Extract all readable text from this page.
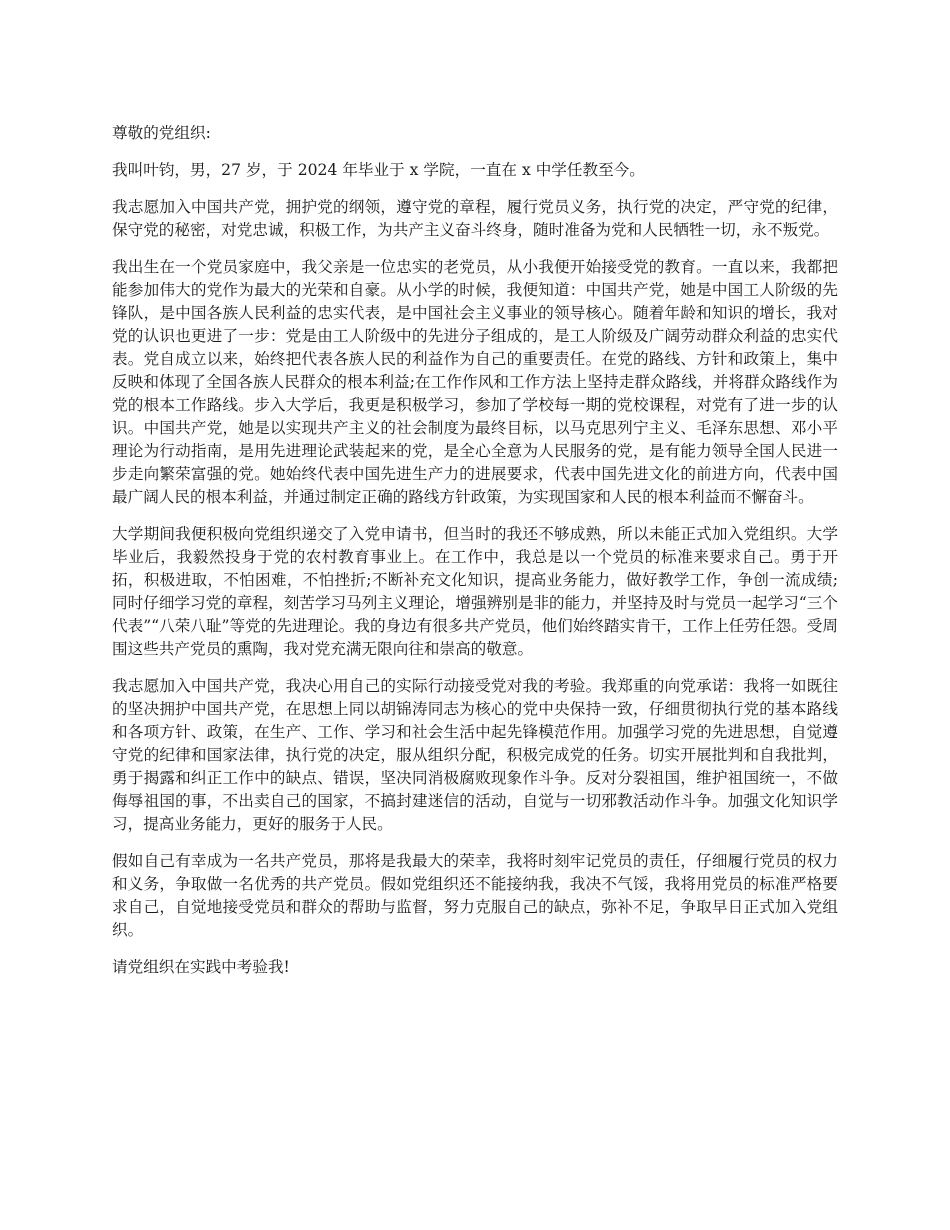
尊敬的党组织:

我叫叶钧，男，27 岁，于 2024 年毕业于 x 学院，一直在 x 中学任教至今。

我志愿加入中国共产党，拥护党的纲领，遵守党的章程，履行党员义务，执行党的决定，严守党的纪律，保守党的秘密，对党忠诚，积极工作，为共产主义奋斗终身，随时准备为党和人民牺牲一切，永不叛党。

我出生在一个党员家庭中，我父亲是一位忠实的老党员，从小我便开始接受党的教育。一直以来，我都把能参加伟大的党作为最大的光荣和自豪。从小学的时候，我便知道：中国共产党，她是中国工人阶级的先锋队，是中国各族人民利益的忠实代表，是中国社会主义事业的领导核心。随着年龄和知识的增长，我对党的认识也更进了一步：党是由工人阶级中的先进分子组成的，是工人阶级及广阔劳动群众利益的忠实代表。党自成立以来，始终把代表各族人民的利益作为自己的重要责任。在党的路线、方针和政策上，集中反映和体现了全国各族人民群众的根本利益;在工作作风和工作方法上坚持走群众路线，并将群众路线作为党的根本工作路线。步入大学后，我更是积极学习，参加了学校每一期的党校课程，对党有了进一步的认识。中国共产党，她是以实现共产主义的社会制度为最终目标，以马克思列宁主义、毛泽东思想、邓小平理论为行动指南，是用先进理论武装起来的党，是全心全意为人民服务的党，是有能力领导全国人民进一步走向繁荣富强的党。她始终代表中国先进生产力的进展要求，代表中国先进文化的前进方向，代表中国最广阔人民的根本利益，并通过制定正确的路线方针政策，为实现国家和人民的根本利益而不懈奋斗。

大学期间我便积极向党组织递交了入党申请书，但当时的我还不够成熟，所以未能正式加入党组织。大学毕业后，我毅然投身于党的农村教育事业上。在工作中，我总是以一个党员的标准来要求自己。勇于开拓，积极进取，不怕困难，不怕挫折;不断补充文化知识，提高业务能力，做好教学工作，争创一流成绩;同时仔细学习党的章程，刻苦学习马列主义理论，增强辨别是非的能力，并坚持及时与党员一起学习“三个代表”“八荣八耻”等党的先进理论。我的身边有很多共产党员，他们始终踏实肯干，工作上任劳任怨。受周围这些共产党员的熏陶，我对党充满无限向往和崇高的敬意。

我志愿加入中国共产党，我决心用自己的实际行动接受党对我的考验。我郑重的向党承诺：我将一如既往的坚决拥护中国共产党，在思想上同以胡锦涛同志为核心的党中央保持一致，仔细贯彻执行党的基本路线和各项方针、政策，在生产、工作、学习和社会生活中起先锋模范作用。加强学习党的先进思想，自觉遵守党的纪律和国家法律，执行党的决定，服从组织分配，积极完成党的任务。切实开展批判和自我批判，勇于揭露和纠正工作中的缺点、错误，坚决同消极腐败现象作斗争。反对分裂祖国，维护祖国统一，不做侮辱祖国的事，不出卖自己的国家，不搞封建迷信的活动，自觉与一切邪教活动作斗争。加强文化知识学习，提高业务能力，更好的服务于人民。

假如自己有幸成为一名共产党员，那将是我最大的荣幸，我将时刻牢记党员的责任，仔细履行党员的权力和义务，争取做一名优秀的共产党员。假如党组织还不能接纳我，我决不气馁，我将用党员的标准严格要求自己，自觉地接受党员和群众的帮助与监督，努力克服自己的缺点，弥补不足，争取早日正式加入党组织。

请党组织在实践中考验我!
